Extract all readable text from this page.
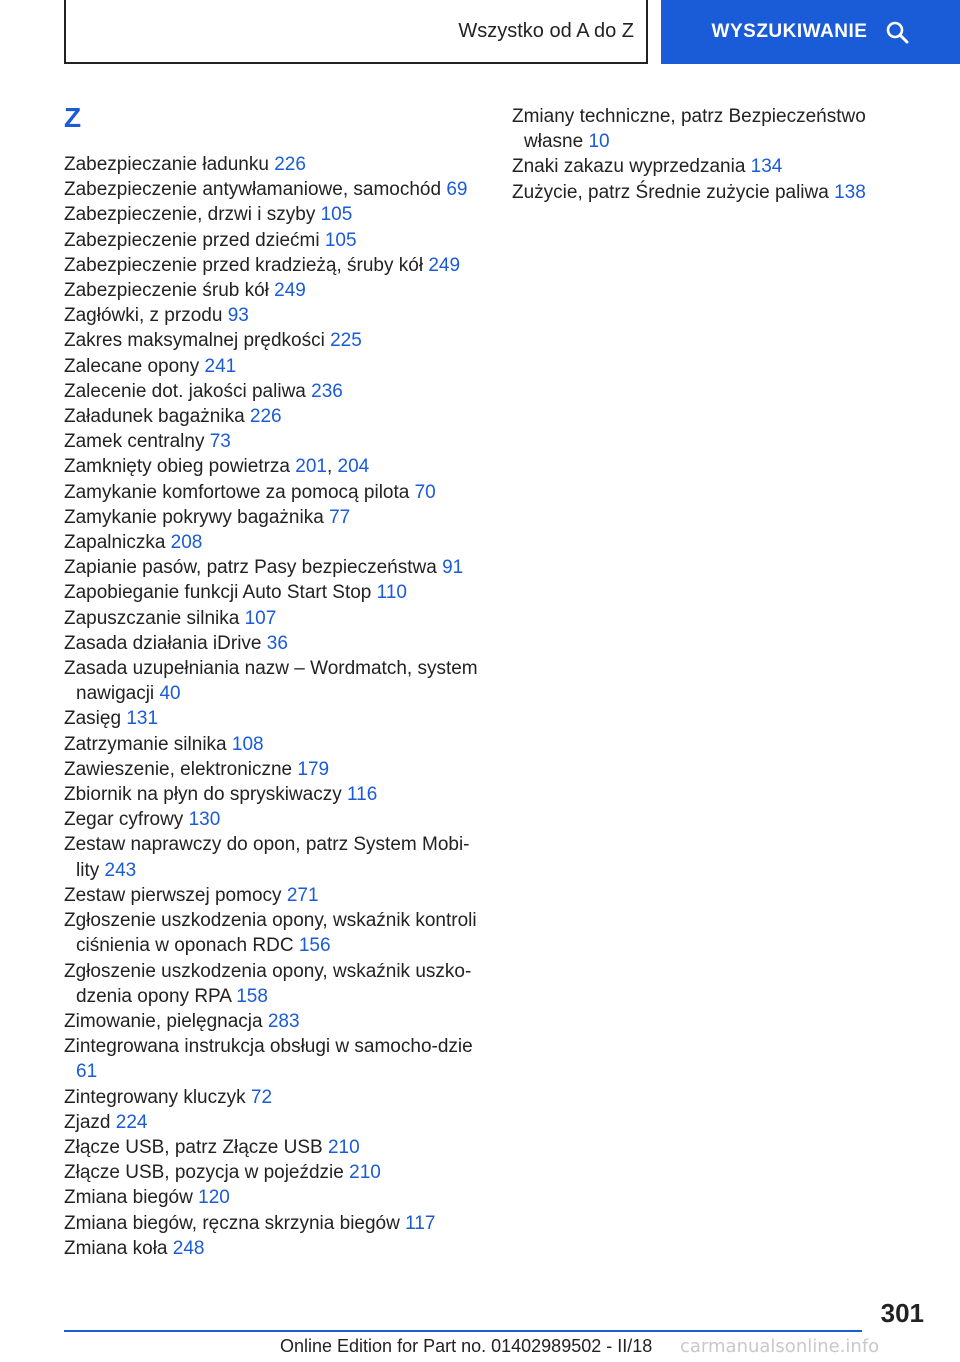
Wszystko od A do Z	WYSZUKIWANIE
Z
Zabezpieczanie ładunku 226
Zabezpieczenie antywłamaniowe, samochód 69
Zabezpieczenie, drzwi i szyby 105
Zabezpieczenie przed dziećmi 105
Zabezpieczenie przed kradzieżą, śruby kół 249
Zabezpieczenie śrub kół 249
Zagłówki, z przodu 93
Zakres maksymalnej prędkości 225
Zalecane opony 241
Zalecenie dot. jakości paliwa 236
Załadunek bagażnika 226
Zamek centralny 73
Zamknięty obieg powietrza 201, 204
Zamykanie komfortowe za pomocą pilota 70
Zamykanie pokrywy bagażnika 77
Zapalniczka 208
Zapianie pasów, patrz Pasy bezpieczeństwa 91
Zapobieganie funkcji Auto Start Stop 110
Zapuszczanie silnika 107
Zasada działania iDrive 36
Zasada uzupełniania nazw – Wordmatch, system nawigacji 40
Zasięg 131
Zatrzymanie silnika 108
Zawieszenie, elektroniczne 179
Zbiornik na płyn do spryskiwaczy 116
Zegar cyfrowy 130
Zestaw naprawczy do opon, patrz System Mobi-lity 243
Zestaw pierwszej pomocy 271
Zgłoszenie uszkodzenia opony, wskaźnik kontroli ciśnienia w oponach RDC 156
Zgłoszenie uszkodzenia opony, wskaźnik uszko-dzenia opony RPA 158
Zimowanie, pielęgnacja 283
Zintegrowana instrukcja obsługi w samocho-dzie 61
Zintegrowany kluczyk 72
Zjazd 224
Złącze USB, patrz Złącze USB 210
Złącze USB, pozycja w pojeździe 210
Zmiana biegów 120
Zmiana biegów, ręczna skrzynia biegów 117
Zmiana koła 248
Zmiany techniczne, patrz Bezpieczeństwo własne 10
Znaki zakazu wyprzedzania 134
Zużycie, patrz Średnie zużycie paliwa 138
301
Online Edition for Part no. 01402989502 - II/18 carmanualsonline.info
